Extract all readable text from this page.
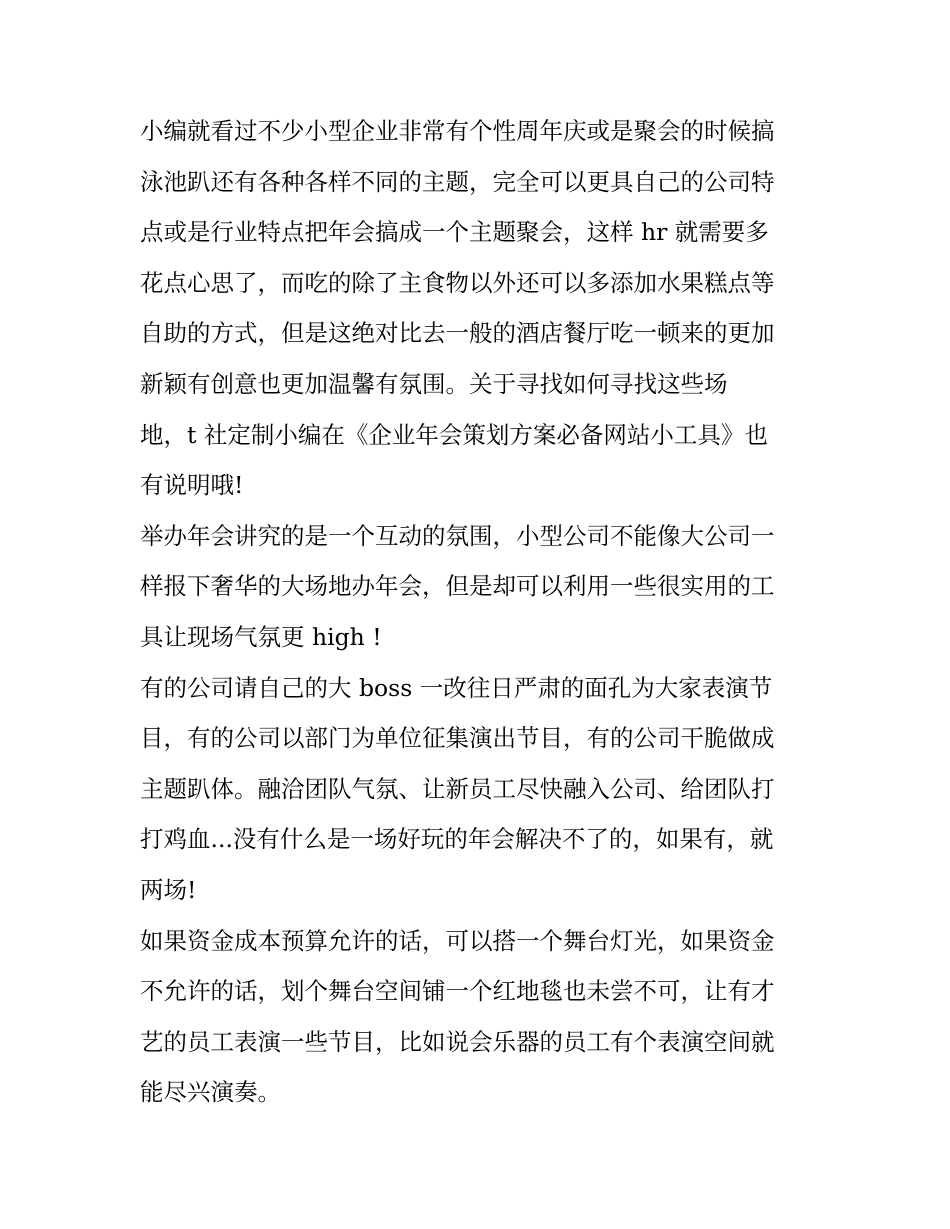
小编就看过不少小型企业非常有个性周年庆或是聚会的时候搞
泳池趴还有各种各样不同的主题，完全可以更具自己的公司特
点或是行业特点把年会搞成一个主题聚会，这样 hr 就需要多
花点心思了，而吃的除了主食物以外还可以多添加水果糕点等
自助的方式，但是这绝对比去一般的酒店餐厅吃一顿来的更加
新颖有创意也更加温馨有氛围。关于寻找如何寻找这些场
地，t 社定制小编在《企业年会策划方案必备网站小工具》也
有说明哦!
举办年会讲究的是一个互动的氛围，小型公司不能像大公司一
样报下奢华的大场地办年会，但是却可以利用一些很实用的工
具让现场气氛更 high !
有的公司请自己的大 boss 一改往日严肃的面孔为大家表演节
目，有的公司以部门为单位征集演出节目，有的公司干脆做成
主题趴体。融洽团队气氛、让新员工尽快融入公司、给团队打
打鸡血...没有什么是一场好玩的年会解决不了的，如果有，就
两场!
如果资金成本预算允许的话，可以搭一个舞台灯光，如果资金
不允许的话，划个舞台空间铺一个红地毯也未尝不可，让有才
艺的员工表演一些节目，比如说会乐器的员工有个表演空间就
能尽兴演奏。
